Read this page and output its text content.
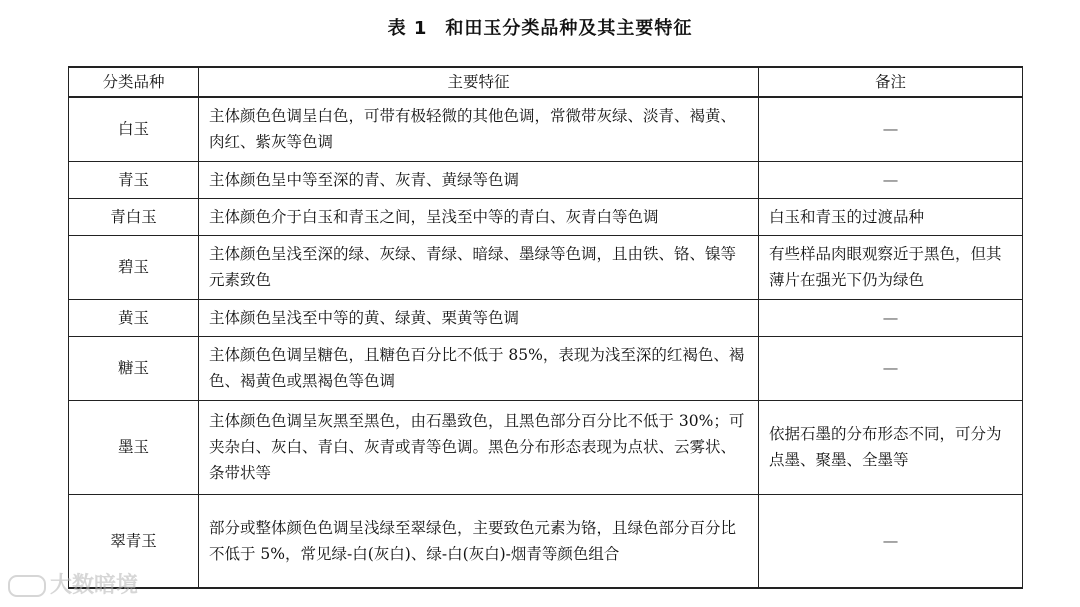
表 1 和田玉分类品种及其主要特征
分类品种	主要特征	备注
白玉	主体颜色色调呈白色，可带有极轻微的其他色调，常微带灰绿、淡青、褐黄、肉红、紫灰等色调	—
青玉	主体颜色呈中等至深的青、灰青、黄绿等色调	—
青白玉	主体颜色介于白玉和青玉之间，呈浅至中等的青白、灰青白等色调	白玉和青玉的过渡品种
碧玉	主体颜色呈浅至深的绿、灰绿、青绿、暗绿、墨绿等色调，且由铁、铬、镍等元素致色	有些样品肉眼观察近于黑色，但其薄片在强光下仍为绿色
黄玉	主体颜色呈浅至中等的黄、绿黄、栗黄等色调	—
糖玉	主体颜色色调呈糖色，且糖色百分比不低于 85%，表现为浅至深的红褐色、褐色、褐黄色或黑褐色等色调	—
墨玉	主体颜色色调呈灰黑至黑色，由石墨致色，且黑色部分百分比不低于 30%；可夹杂白、灰白、青白、灰青或青等色调。黑色分布形态表现为点状、云雾状、条带状等	依据石墨的分布形态不同，可分为点墨、聚墨、全墨等
翠青玉	部分或整体颜色色调呈浅绿至翠绿色，主要致色元素为铬，且绿色部分百分比不低于 5%，常见绿-白(灰白)、绿-白(灰白)-烟青等颜色组合	—
大数暗境
